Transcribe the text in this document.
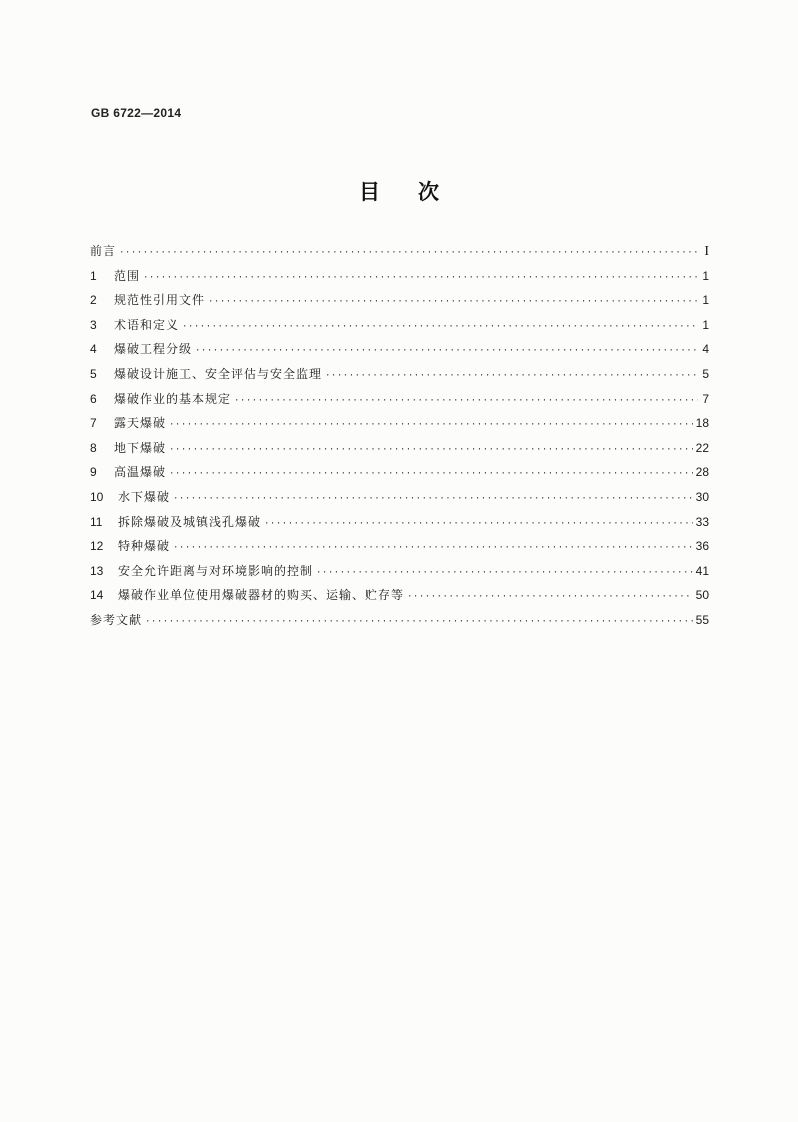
GB 6722—2014
目 次
前言 ·····	I
1	范围 ·····	1
2	规范性引用文件 ·····	1
3	术语和定义 ·····	1
4	爆破工程分级 ·····	4
5	爆破设计施工、安全评估与安全监理 ·····	5
6	爆破作业的基本规定 ·····	7
7	露天爆破 ·····	18
8	地下爆破 ·····	22
9	高温爆破 ·····	28
10	水下爆破 ·····	30
11	拆除爆破及城镇浅孔爆破 ·····	33
12	特种爆破 ·····	36
13	安全允许距离与对环境影响的控制 ·····	41
14	爆破作业单位使用爆破器材的购买、运输、贮存等 ·····	50
参考文献 ·····	55
